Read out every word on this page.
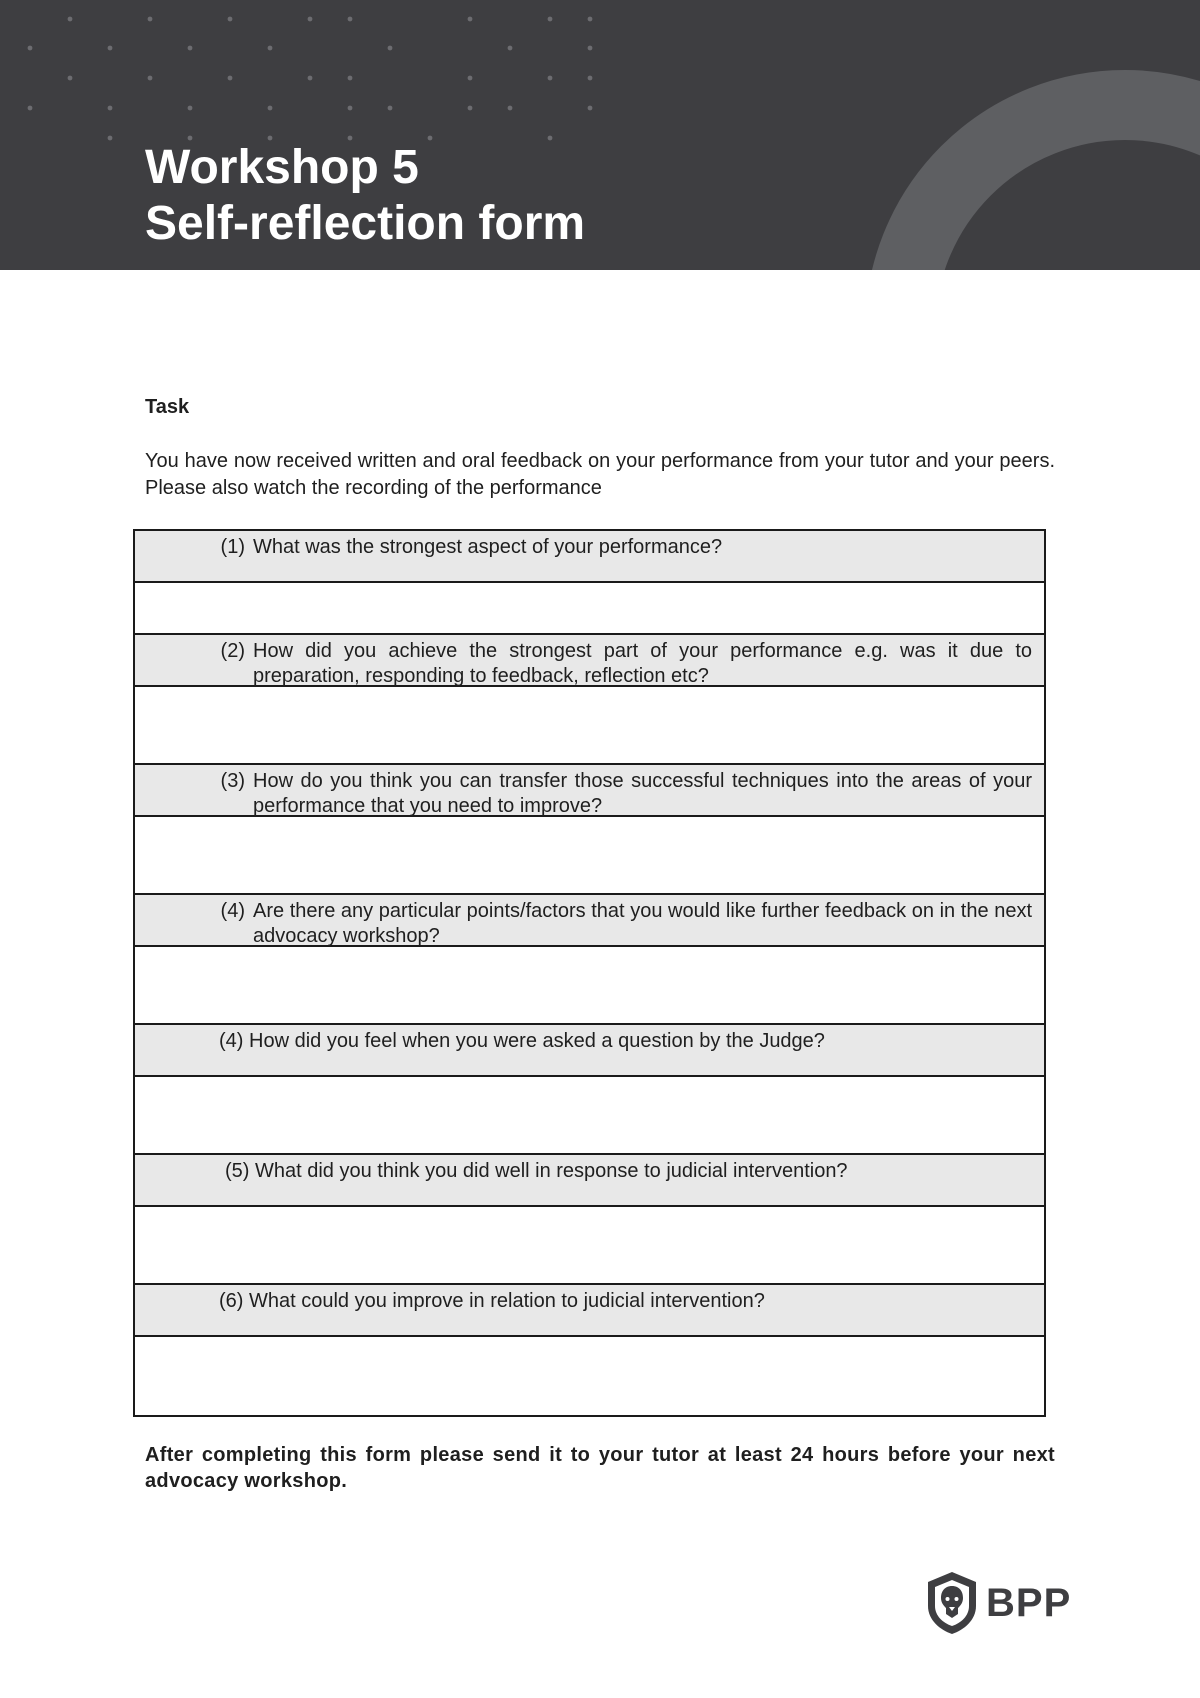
Workshop 5
Self-reflection form
Task

You have now received written and oral feedback on your performance from your tutor and your peers. Please also watch the recording of the performance

(1) What was the strongest aspect of your performance?
(2) How did you achieve the strongest part of your performance e.g. was it due to preparation, responding to feedback, reflection etc?
(3) How do you think you can transfer those successful techniques into the areas of your performance that you need to improve?
(4) Are there any particular points/factors that you would like further feedback on in the next advocacy workshop?
(4) How did you feel when you were asked a question by the Judge?
(5) What did you think you did well in response to judicial intervention?
(6) What could you improve in relation to judicial intervention?

After completing this form please send it to your tutor at least 24 hours before your next advocacy workshop.

BPP
